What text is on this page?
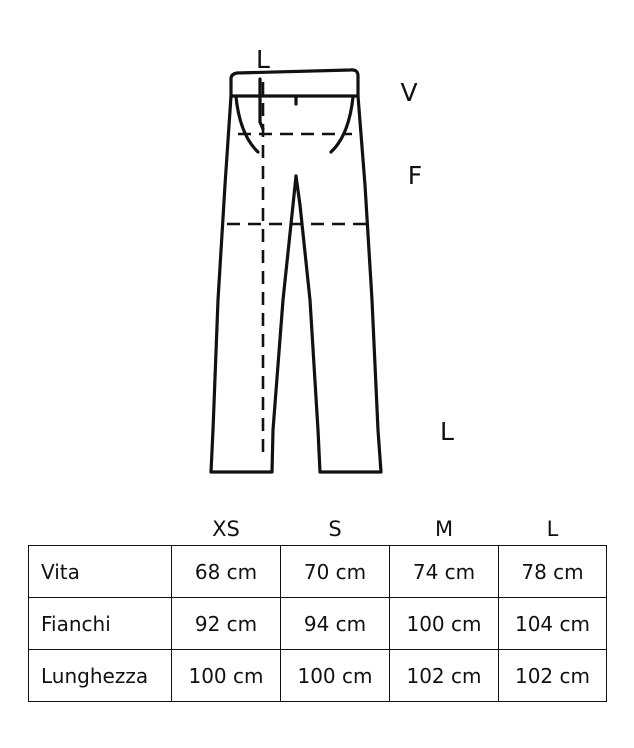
L
V
F
L
	XS	S	M	L
Vita	68 cm	70 cm	74 cm	78 cm
Fianchi	92 cm	94 cm	100 cm	104 cm
Lunghezza	100 cm	100 cm	102 cm	102 cm
